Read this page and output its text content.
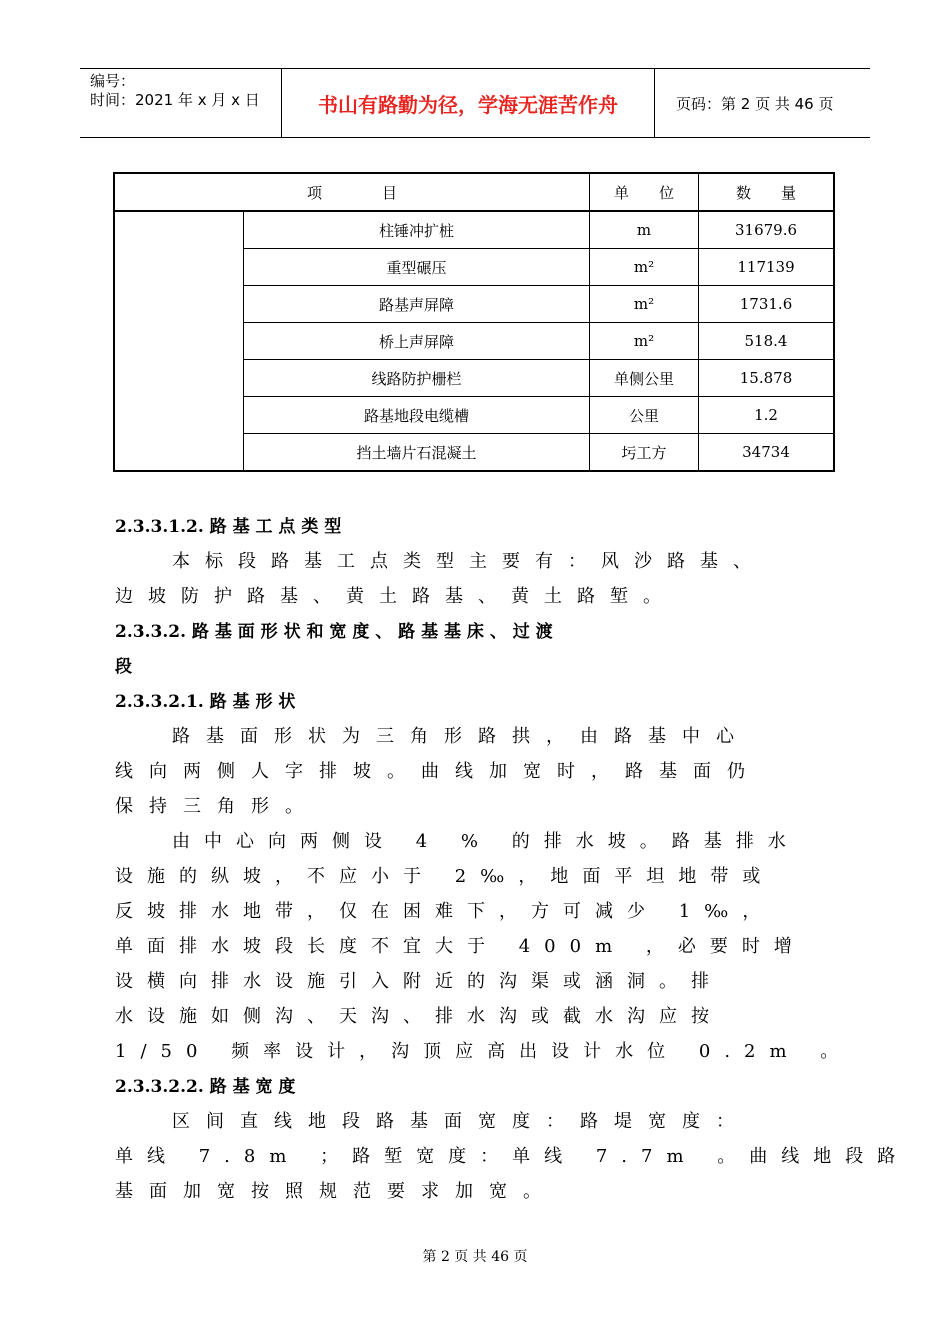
编号：
时间：2021 年 x 月 x 日	书山有路勤为径，学海无涯苦作舟	页码：第 2 页 共 46 页
项　　　　目		单　　位	数　　量
	柱锤冲扩桩	m	31679.6
	重型碾压	m²	117139
	路基声屏障	m²	1731.6
	桥上声屏障	m²	518.4
	线路防护栅栏	单侧公里	15.878
	路基地段电缆槽	公里	1.2
	挡土墙片石混凝土	圬工方	34734
2.3.3.1.2. 路 基 工 点 类 型
本标段路基工点类型主要有：风沙路基、
边坡防护路基、黄土路基、黄土路堑。
2.3.3.2. 路 基 面 形 状 和 宽 度 、 路 基 基 床 、 过 渡
段
2.3.3.2.1. 路 基 形 状
路基面形状为三角形路拱，由路基中心
线向两侧人字排坡。曲线加宽时，路基面仍
保持三角形。
由中心向两侧设 4 % 的排水坡。路基排水
设施的纵坡，不应小于 2‰，地面平坦地带或
反坡排水地带，仅在困难下，方可减少 1‰，
单面排水坡段长度不宜大于 400m ，必要时增
设横向排水设施引入附近的沟渠或涵洞。排
水设施如侧沟、天沟、排水沟或截水沟应按
1/50 频率设计，沟顶应高出设计水位 0.2m 。
2.3.3.2.2. 路 基 宽 度
区间直线地段路基面宽度：路堤宽度：
单线 7.8m ；路堑宽度：单线 7.7m 。曲线地段路
基面加宽按照规范要求加宽。
第 2 页 共 46 页
